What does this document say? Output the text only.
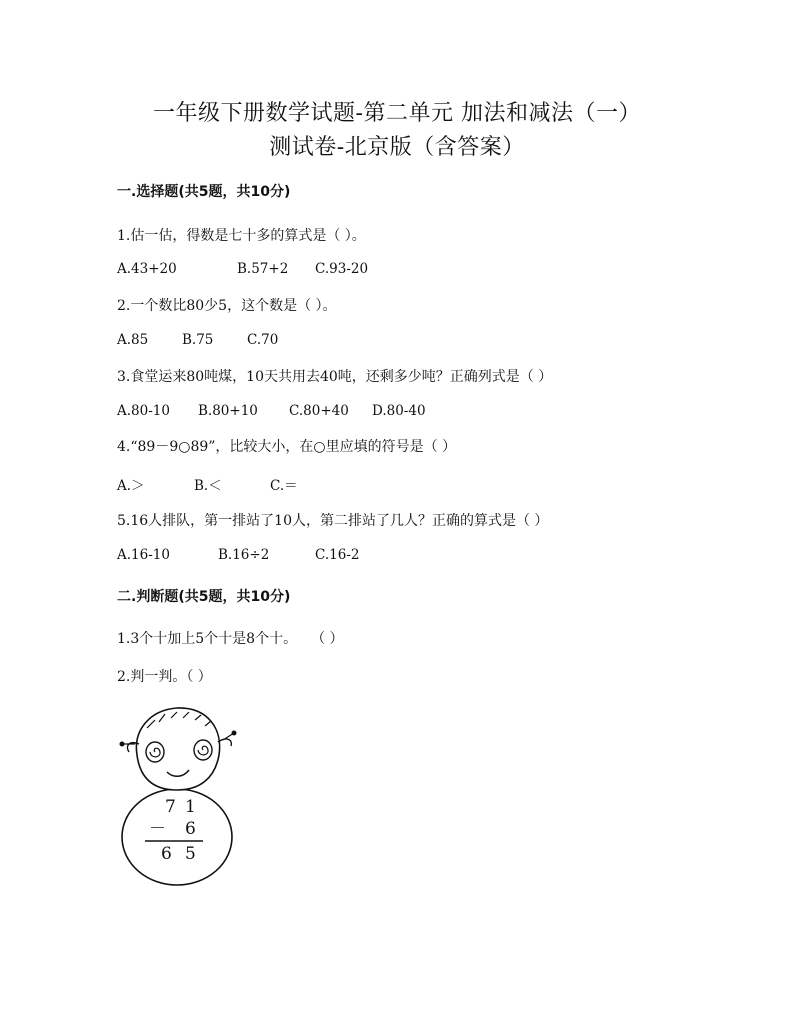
一年级下册数学试题-第二单元 加法和减法（一）
测试卷-北京版（含答案）
一.选择题(共5题，共10分)
1.估一估，得数是七十多的算式是（ ）。
A.43+20	B.57+2 C.93-20
2.一个数比80少5，这个数是（ ）。
A.85	B.75 C.70
3.食堂运来80吨煤，10天共用去40吨，还剩多少吨？正确列式是（ ）
A.80-10 B.80+10 C.80+40 D.80-40
4.“89－9○89”，比较大小，在○里应填的符号是（ ）
A.＞	B.＜	C.＝
5.16人排队，第一排站了10人，第二排站了几人？正确的算式是（ ）
A.16-10	B.16÷2	C.16-2
二.判断题(共5题，共10分)
1.3个十加上5个十是8个十。　　（ ）
2.判一判。（ ）
7 1
－ 6
6 5
